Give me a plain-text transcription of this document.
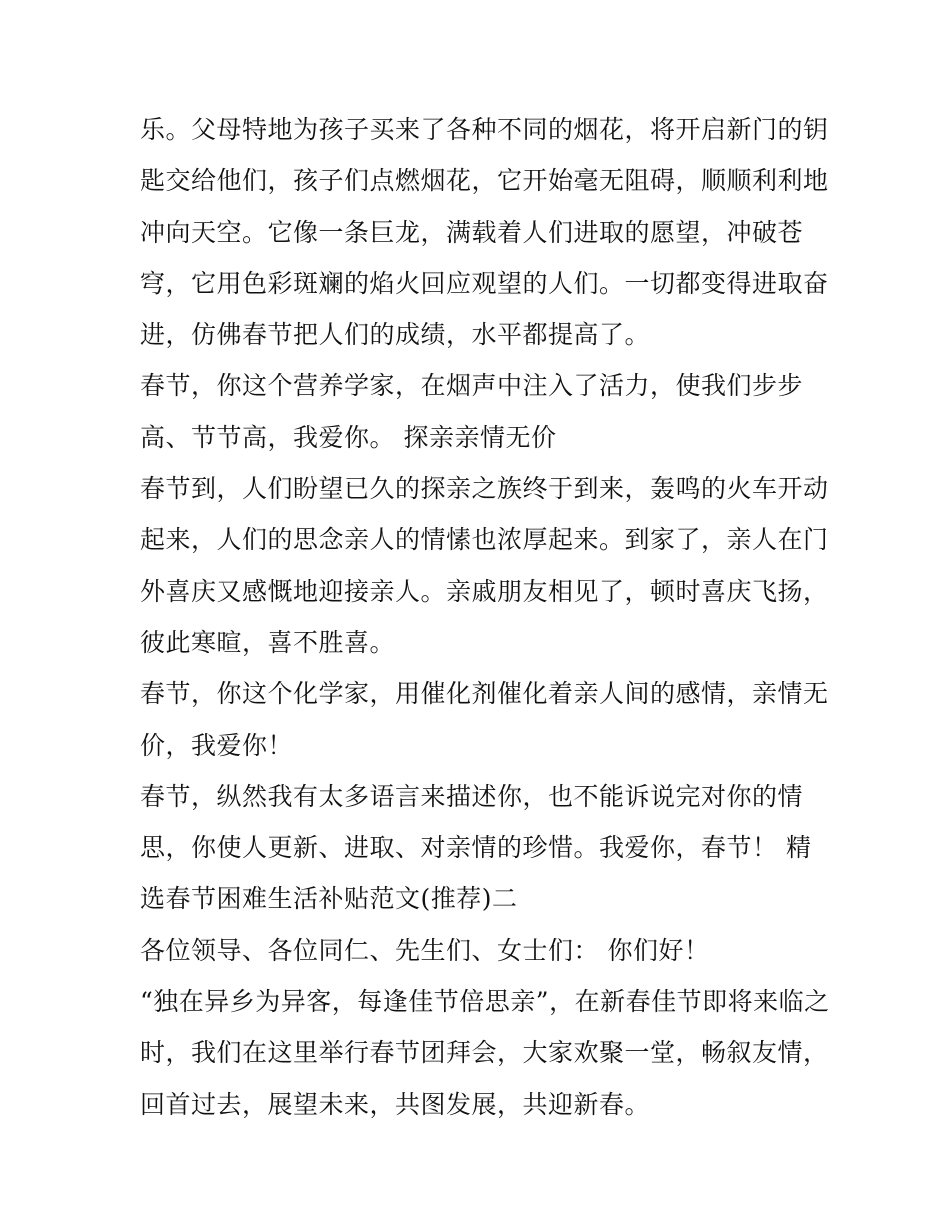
乐。父母特地为孩子买来了各种不同的烟花，将开启新门的钥
匙交给他们，孩子们点燃烟花，它开始毫无阻碍，顺顺利利地
冲向天空。它像一条巨龙，满载着人们进取的愿望，冲破苍
穹，它用色彩斑斓的焰火回应观望的人们。一切都变得进取奋
进，仿佛春节把人们的成绩，水平都提高了。
春节，你这个营养学家，在烟声中注入了活力，使我们步步
高、节节高，我爱你。 探亲亲情无价
春节到，人们盼望已久的探亲之族终于到来，轰鸣的火车开动
起来，人们的思念亲人的情愫也浓厚起来。到家了，亲人在门
外喜庆又感慨地迎接亲人。亲戚朋友相见了，顿时喜庆飞扬，
彼此寒暄，喜不胜喜。
春节，你这个化学家，用催化剂催化着亲人间的感情，亲情无
价，我爱你！
春节，纵然我有太多语言来描述你，也不能诉说完对你的情
思，你使人更新、进取、对亲情的珍惜。我爱你，春节！ 精
选春节困难生活补贴范文(推荐)二
各位领导、各位同仁、先生们、女士们： 你们好！
“独在异乡为异客，每逢佳节倍思亲”，在新春佳节即将来临之
时，我们在这里举行春节团拜会，大家欢聚一堂，畅叙友情，
回首过去，展望未来，共图发展，共迎新春。
